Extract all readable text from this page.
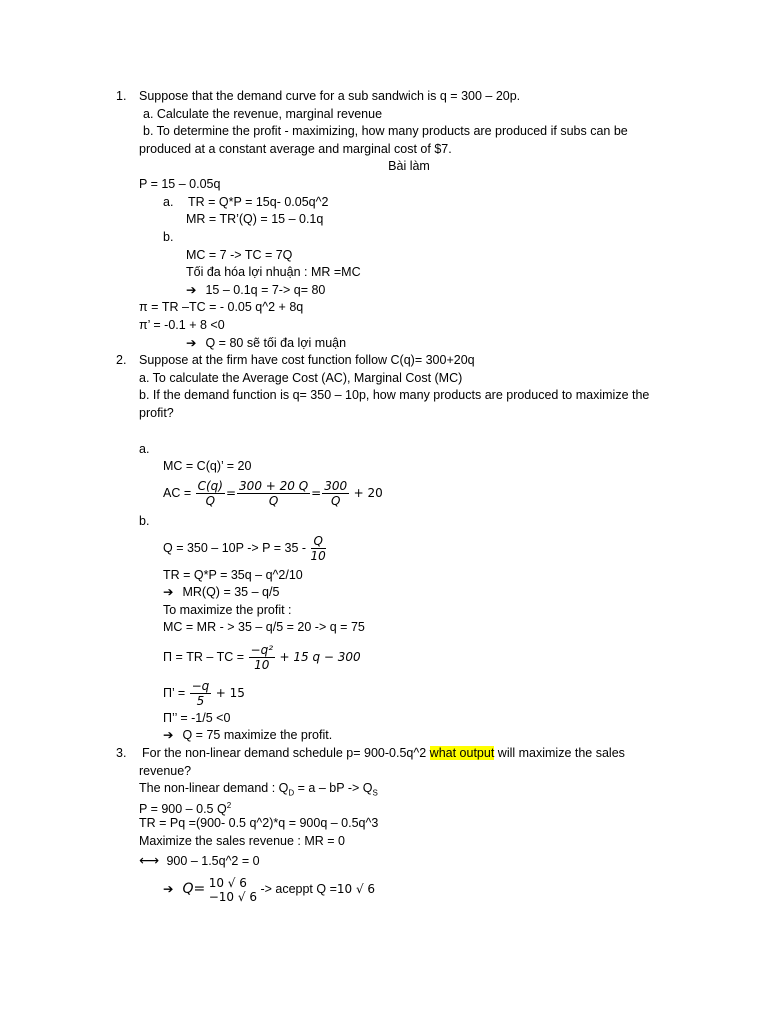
1. Suppose that the demand curve for a sub sandwich is q = 300 – 20p.
a. Calculate the revenue, marginal revenue
b. To determine the profit - maximizing, how many products are produced if subs can be
produced at a constant average and marginal cost of $7.
Bài làm
P = 15 – 0.05q
a. TR = Q*P = 15q- 0.05q^2
MR = TR’(Q) = 15 – 0.1q
b.
MC = 7 -> TC = 7Q
Tối đa hóa lợi nhuận : MR =MC
➔ 15 – 0.1q = 7-> q= 80
π = TR –TC = - 0.05 q^2 + 8q
π’ = -0.1 + 8 <0
➔ Q = 80 sẽ tối đa lợi muận
2. Suppose at the firm have cost function follow C(q)= 300+20q
a. To calculate the Average Cost (AC), Marginal Cost (MC)
b. If the demand function is q= 350 – 10p, how many products are produced to maximize the
profit?
a.
MC = C(q)’ = 20
AC = $\frac{C(q)}{Q} = \frac{300 + 20 Q}{Q} = \frac{300}{Q} + 20$
b.
$Q = 350 - 10P -> P = 35 - \frac{Q}{10}$
TR = Q*P = 35q – q^2/10
➔ MR(Q) = 35 – q/5
To maximize the profit :
MC = MR - > 35 – q/5 = 20 -> q = 75
Π = TR – TC = $\frac{\text{−q²}}{10} + 15$ q − 300
Π’ = $\frac{-q}{5} + 15$
Π’’ = -1/5 <0
➔ Q = 75 maximize the profit.
3. For the non-linear demand schedule p= 900-0.5q^2 what output will maximize the sales
revenue?
The non-linear demand : $Q_D = a$ – bP -> $Q_S$
P = 900 – 0.5 $Q^2$
TR = Pq =(900- 0.5 q^2)*q = 900q – 0.5q^3
Maximize the sales revenue : MR = 0
⟷ 900 – 1.5q^2 = 0
➔ Q= 10 √ 6
−10 √ 6
-> aceppt Q =10 √ 6
